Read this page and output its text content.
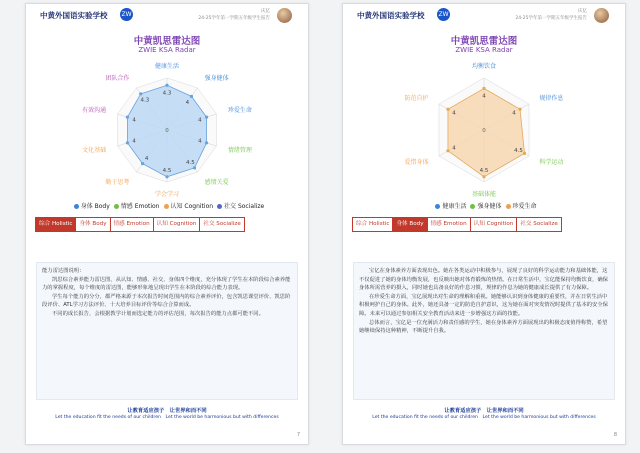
中黄外国语实验学校 ZW	庆亿
24-25学年第一学期五年级学生报告
中黄凯思雷达图
ZWIE KSA Radar
4.3
4
4
4
4.5
4.5
4
4
4
4.3
0
健康生活
强身健体
珍爱生命
情绪管理
感情关爱
学会学习
勤于思考
文化基础
有效沟通
团队合作
身体 Body 情感 Emotion 认知 Cognition 社交 Socialize
综合 Holistic	身体 Body	情感 Emotion	认知 Cognition	社交 Socialize

能力雷达图说明：

凯思综合素养能力雷达图，从认知、情感、社交、身体四个维度，充分体现了学生在本阶段综合素养能力的掌握程度，每个维度的雷达图，能够形象地呈现出学生在本阶段的综合能力表现。

学生每个能力的分分，都严格来源于本次报告时间范围内的综合素养评价，包含凯思课堂评价、凯思阶段评价、ATL学习方法评价、十大培养目标评价等综合合算而成。

不同的成长报告，会根据教学计划而选定能力的评估范围，每次报告的能力点都可能不同。

让教育适应孩子　让世界和而不同
Let the education fit the needs of our children　Let the world be harmonious but with differences
7
中黄外国语实验学校 ZW	庆亿
24-25学年第一学期五年级学生报告
中黄凯思雷达图
ZWIE KSA Radar
4
4
4.5
4.5
4
4
0
均衡饮食
规律作息
科学运动
基础体能
爱惜身体
防范自护
健康生活 强身健体 珍爱生命
综合 Holistic	身体 Body	情感 Emotion	认知 Cognition	社交 Socialize

宝亿在身体素养方面表现出色。她在各类运动中积极参与，展现了良好的科学运动能力和基础体能，这不仅促进了她的身体均衡发展，也反映出她对体育锻炼的热情。在日常生活中，宝亿能保持均衡饮食，确保身体所需营养的摄入，同时她也具备良好的作息习惯，规律的作息为她的健康成长提供了有力保障。

在珍爱生命方面，宝亿展现出对生命的理解和重视。她能够认识到身体健康的重要性，并在日常生活中积极呵护自己的身体。此外，她还具备一定的防范自护意识，这为她在面对突发情况时提供了基本的安全保障。未来可以通过参加相关安全教育活动来进一步增强这方面的技能。

总体而言，宝亿是一位充满活力和责任感的学生，她在身体素养方面展现出的积极态度值得称赞，希望她继续保持这种精神，不断提升自我。

让教育适应孩子　让世界和而不同
Let the education fit the needs of our children　Let the world be harmonious but with differences
8
